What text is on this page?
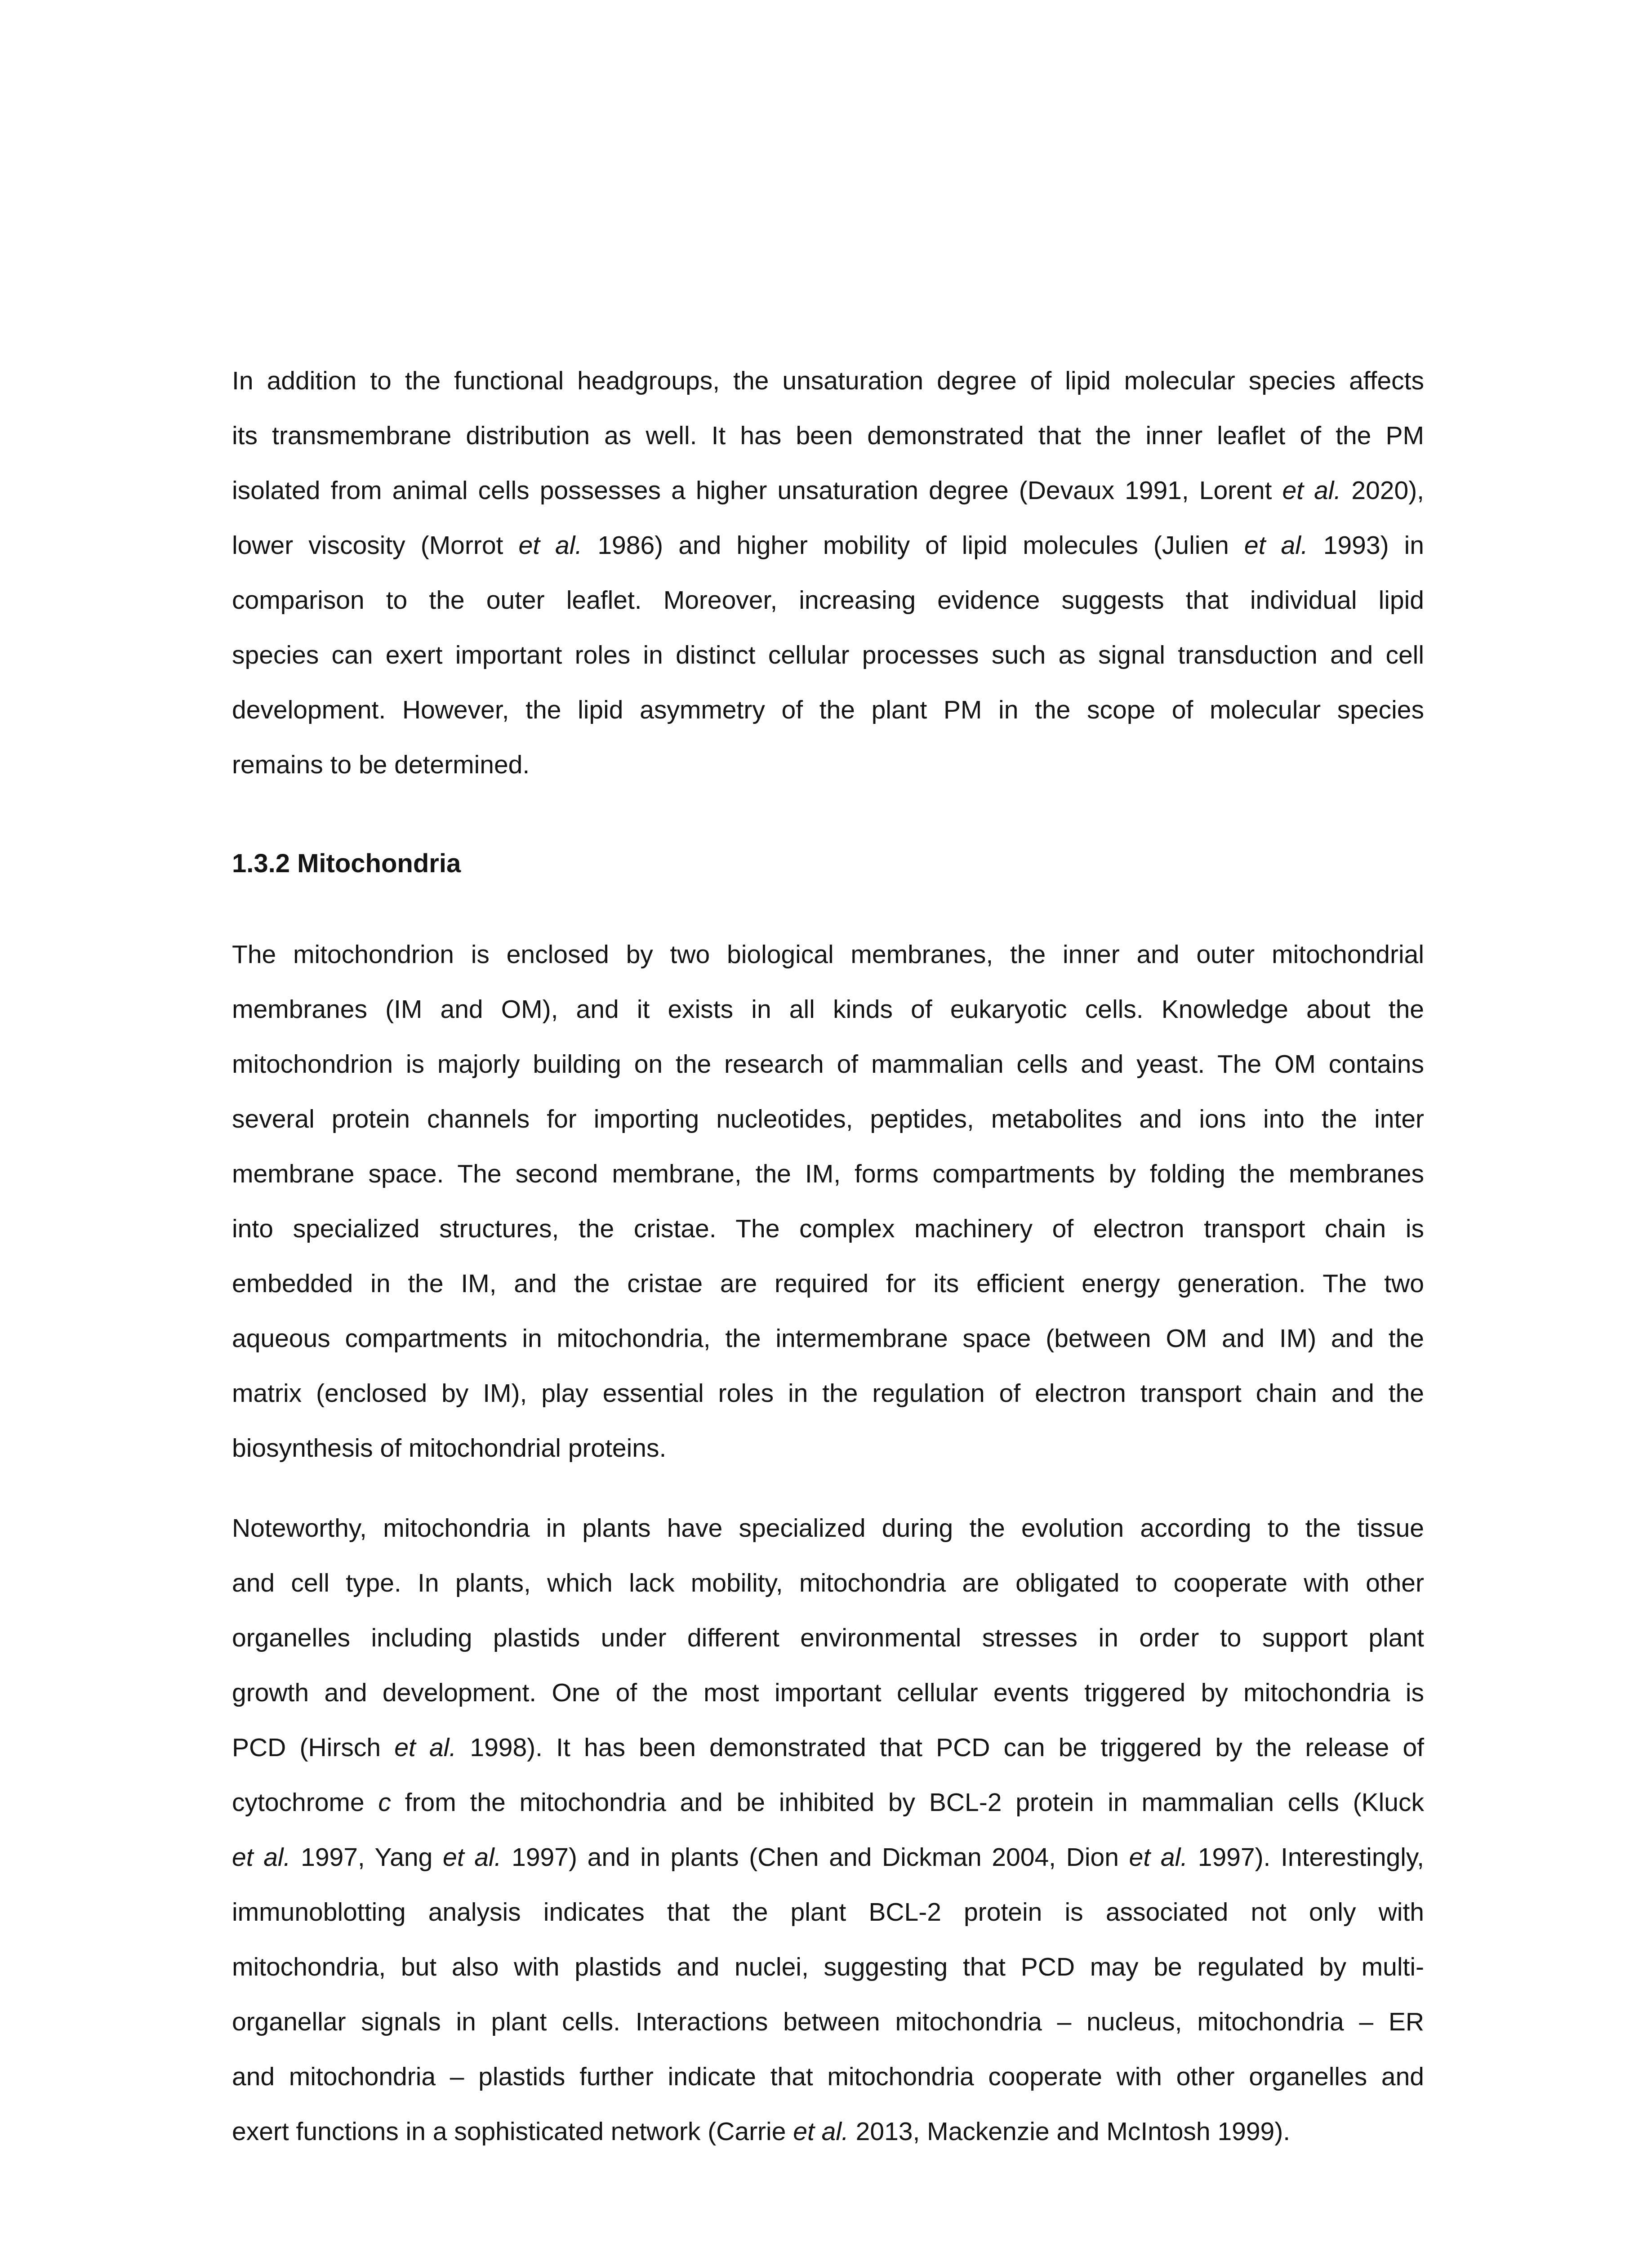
In addition to the functional headgroups, the unsaturation degree of lipid molecular species affects
its transmembrane distribution as well. It has been demonstrated that the inner leaflet of the PM
isolated from animal cells possesses a higher unsaturation degree (Devaux 1991, Lorent et al. 2020),
lower viscosity (Morrot et al. 1986) and higher mobility of lipid molecules (Julien et al. 1993) in
comparison to the outer leaflet. Moreover, increasing evidence suggests that individual lipid
species can exert important roles in distinct cellular processes such as signal transduction and cell
development. However, the lipid asymmetry of the plant PM in the scope of molecular species
remains to be determined.
1.3.2 Mitochondria
The mitochondrion is enclosed by two biological membranes, the inner and outer mitochondrial
membranes (IM and OM), and it exists in all kinds of eukaryotic cells. Knowledge about the
mitochondrion is majorly building on the research of mammalian cells and yeast. The OM contains
several protein channels for importing nucleotides, peptides, metabolites and ions into the inter
membrane space. The second membrane, the IM, forms compartments by folding the membranes
into specialized structures, the cristae. The complex machinery of electron transport chain is
embedded in the IM, and the cristae are required for its efficient energy generation. The two
aqueous compartments in mitochondria, the intermembrane space (between OM and IM) and the
matrix (enclosed by IM), play essential roles in the regulation of electron transport chain and the
biosynthesis of mitochondrial proteins.
Noteworthy, mitochondria in plants have specialized during the evolution according to the tissue
and cell type. In plants, which lack mobility, mitochondria are obligated to cooperate with other
organelles including plastids under different environmental stresses in order to support plant
growth and development. One of the most important cellular events triggered by mitochondria is
PCD (Hirsch et al. 1998). It has been demonstrated that PCD can be triggered by the release of
cytochrome c from the mitochondria and be inhibited by BCL-2 protein in mammalian cells (Kluck
et al. 1997, Yang et al. 1997) and in plants (Chen and Dickman 2004, Dion et al. 1997). Interestingly,
immunoblotting analysis indicates that the plant BCL-2 protein is associated not only with
mitochondria, but also with plastids and nuclei, suggesting that PCD may be regulated by multi-
organellar signals in plant cells. Interactions between mitochondria – nucleus, mitochondria – ER
and mitochondria – plastids further indicate that mitochondria cooperate with other organelles and
exert functions in a sophisticated network (Carrie et al. 2013, Mackenzie and McIntosh 1999).
